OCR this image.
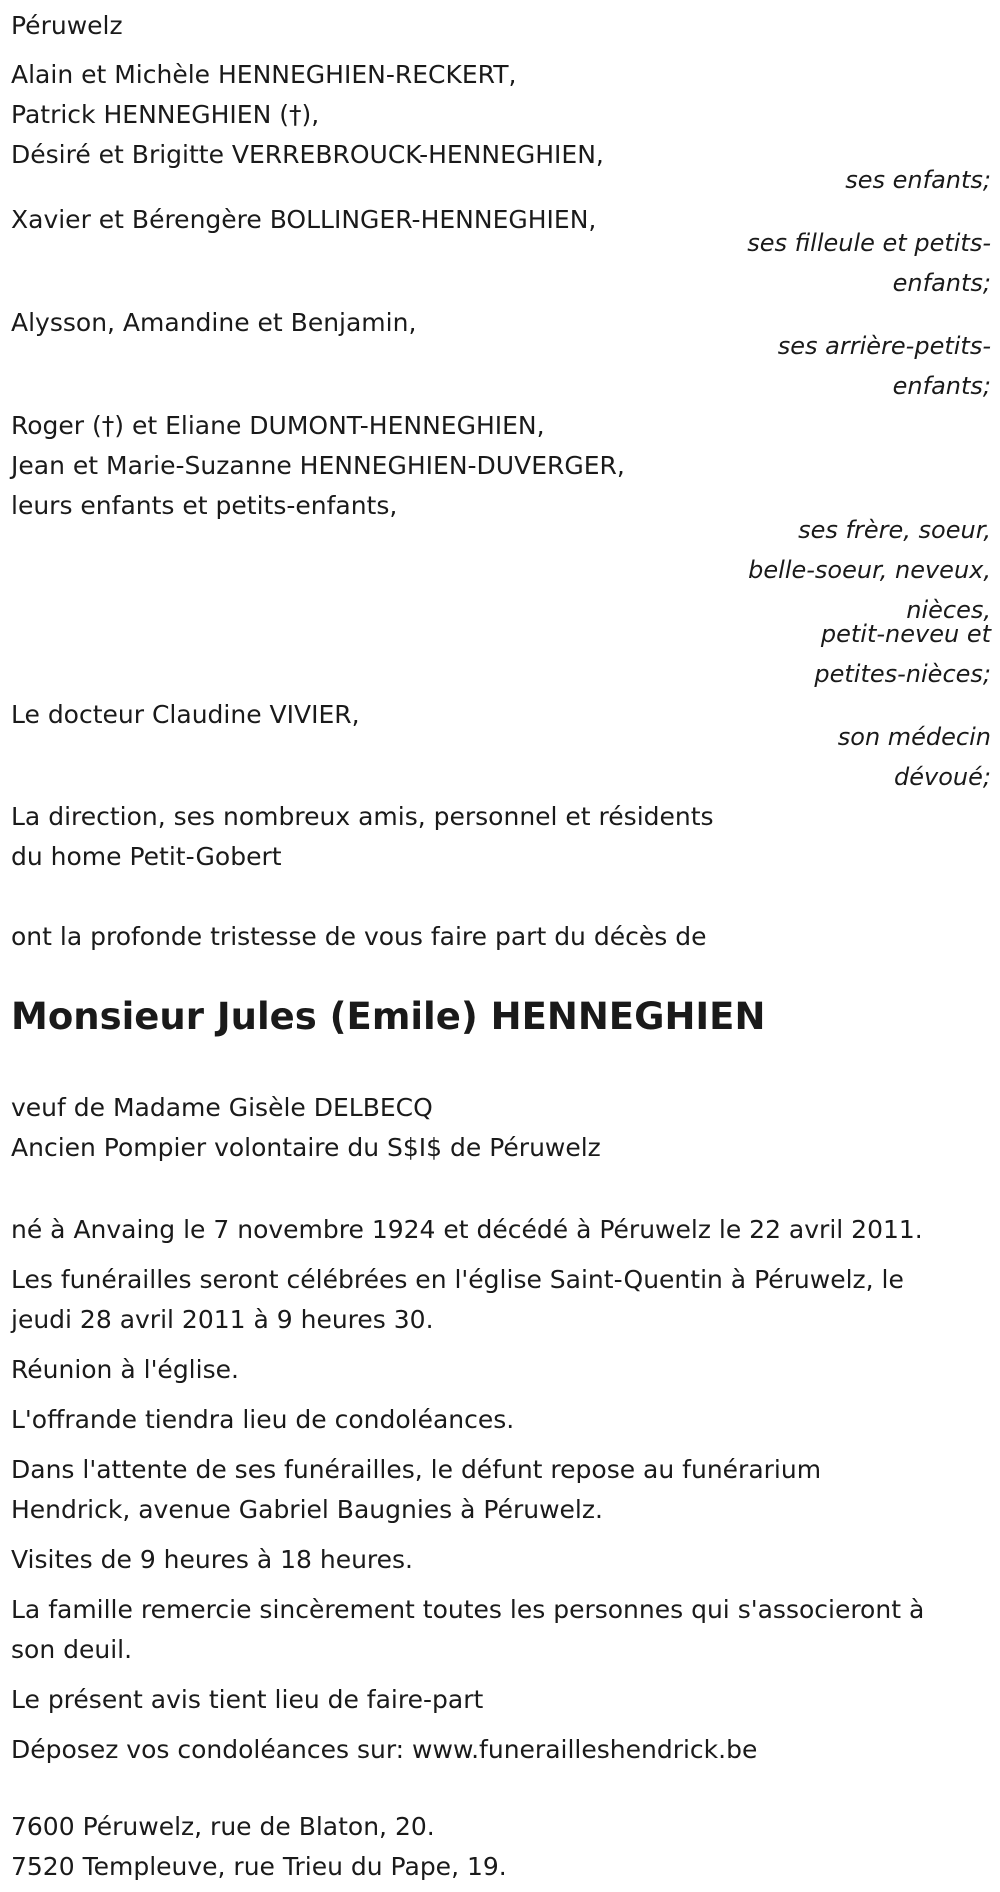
Péruwelz
Alain et Michèle HENNEGHIEN-RECKERT,
Patrick HENNEGHIEN (†),
Désiré et Brigitte VERREBROUCK-HENNEGHIEN,
ses enfants;
Xavier et Bérengère BOLLINGER-HENNEGHIEN,
ses filleule et petits-
enfants;
Alysson, Amandine et Benjamin,
ses arrière-petits-
enfants;
Roger (†) et Eliane DUMONT-HENNEGHIEN,
Jean et Marie-Suzanne HENNEGHIEN-DUVERGER,
leurs enfants et petits-enfants,
ses frère, soeur,
belle-soeur, neveux,
nièces,
petit-neveu et
petites-nièces;
Le docteur Claudine VIVIER,
son médecin
dévoué;
La direction, ses nombreux amis, personnel et résidents
du home Petit-Gobert
ont la profonde tristesse de vous faire part du décès de
Monsieur Jules (Emile) HENNEGHIEN
veuf de Madame Gisèle DELBECQ
Ancien Pompier volontaire du S$I$ de Péruwelz
né à Anvaing le 7 novembre 1924 et décédé à Péruwelz le 22 avril 2011.
Les funérailles seront célébrées en l'église Saint-Quentin à Péruwelz, le
jeudi 28 avril 2011 à 9 heures 30.
Réunion à l'église.
L'offrande tiendra lieu de condoléances.
Dans l'attente de ses funérailles, le défunt repose au funérarium
Hendrick, avenue Gabriel Baugnies à Péruwelz.
Visites de 9 heures à 18 heures.
La famille remercie sincèrement toutes les personnes qui s'associeront à
son deuil.
Le présent avis tient lieu de faire-part
Déposez vos condoléances sur: www.funerailleshendrick.be
7600 Péruwelz, rue de Blaton, 20.
7520 Templeuve, rue Trieu du Pape, 19.
